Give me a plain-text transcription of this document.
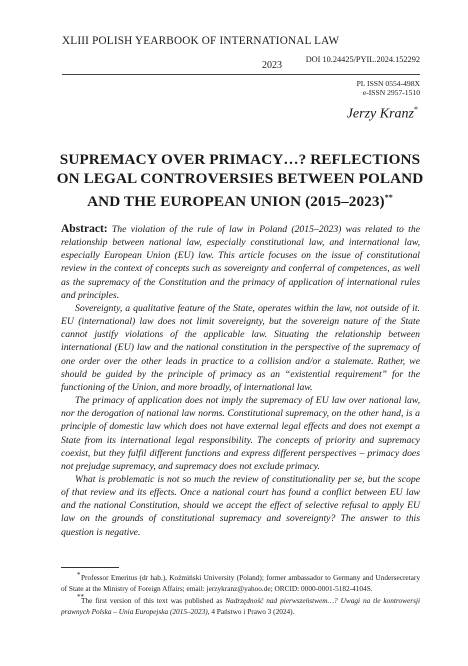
XLIII POLISH YEARBOOK OF INTERNATIONAL LAW
DOI 10.24425/PYIL.2024.152292
2023
PL ISSN 0554-498X
e-ISSN 2957-1510
Jerzy Kranz*
SUPREMACY OVER PRIMACY…? REFLECTIONS
ON LEGAL CONTROVERSIES BETWEEN POLAND
AND THE EUROPEAN UNION (2015–2023)**

Abstract: The violation of the rule of law in Poland (2015–2023) was related to the relationship between national law, especially constitutional law, and international law, especially European Union (EU) law. This article focuses on the issue of constitutional review in the context of concepts such as sovereignty and conferral of competences, as well as the supremacy of the Constitution and the primacy of application of international rules and principles.

Sovereignty, a qualitative feature of the State, operates within the law, not outside of it. EU (international) law does not limit sovereignty, but the sovereign nature of the State cannot justify violations of the applicable law. Situating the relationship between international (EU) law and the national constitution in the perspective of the supremacy of one order over the other leads in practice to a collision and/or a stalemate. Rather, we should be guided by the principle of primacy as an “existential requirement” for the functioning of the Union, and more broadly, of international law.

The primacy of application does not imply the supremacy of EU law over national law, nor the derogation of national law norms. Constitutional supremacy, on the other hand, is a principle of domestic law which does not have external legal effects and does not exempt a State from its international legal responsibility. The concepts of priority and supremacy coexist, but they fulfil different functions and express different perspectives – primacy does not prejudge supremacy, and supremacy does not exclude primacy.

What is problematic is not so much the review of constitutionality per se, but the scope of that review and its effects. Once a national court has found a conflict between EU law and the national Constitution, should we accept the effect of selective refusal to apply EU law on the grounds of constitutional supremacy and sovereignty? The answer to this question is negative.

*Professor Emeritus (dr hab.), Koźmiński University (Poland); former ambassador to Germany and Undersecretary of State at the Ministry of Foreign Affairs; email: jerzykranz@yahoo.de; ORCID: 0000-0001-5182-4104S.

**The first version of this text was published as Nadrzędność nad pierwszeństwem…? Uwagi na tle kontrowersji prawnych Polska – Unia Europejska (2015–2023), 4 Państwo i Prawo 3 (2024).
